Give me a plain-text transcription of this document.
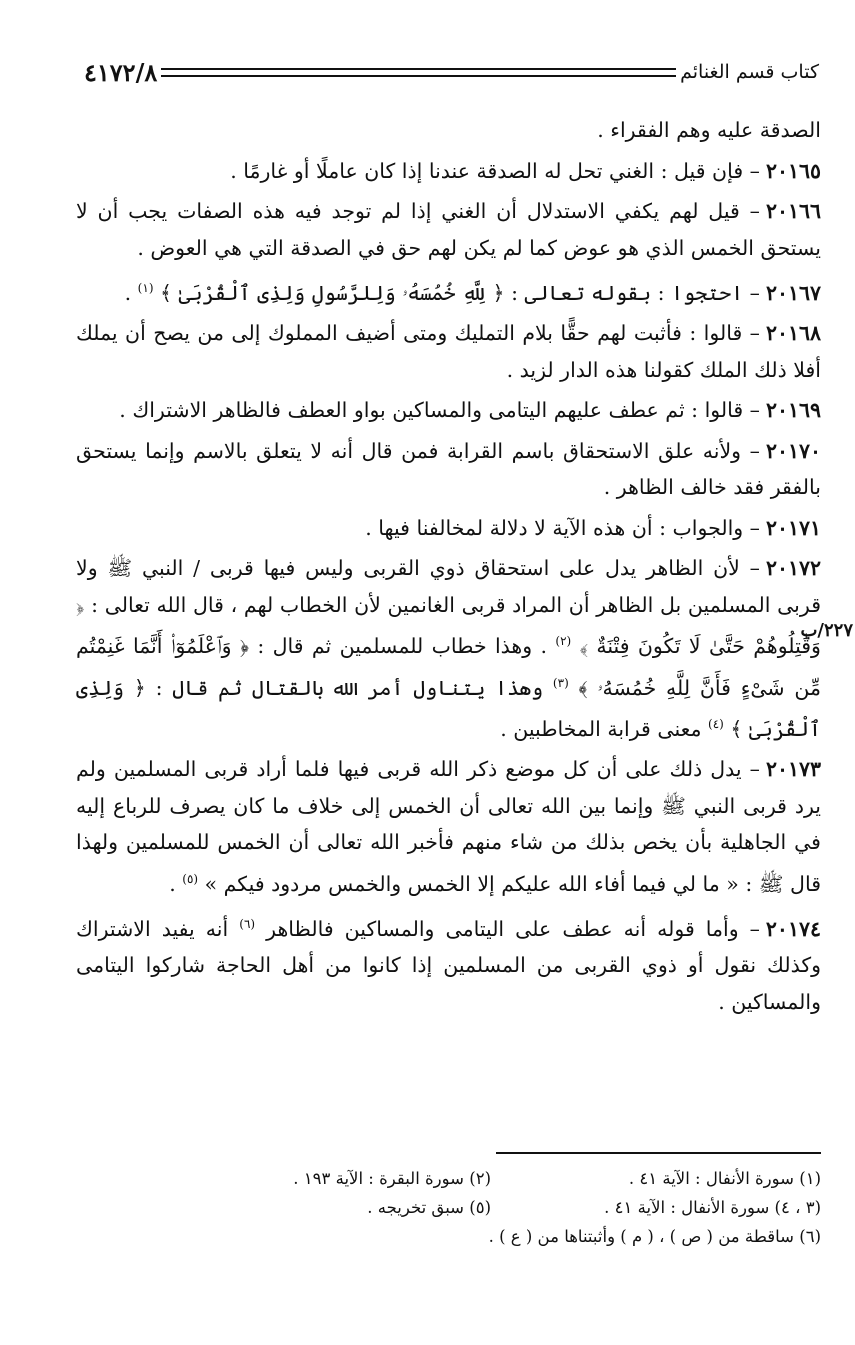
كتاب قسم الغنائم
٤١٧٢/٨
٢٢٧/ب

الصدقة عليه وهم الفقراء .

٢٠١٦٥– فإن قيل : الغني تحل له الصدقة عندنا إذا كان عاملًا أو غارمًا .

٢٠١٦٦– قيل لهم يكفي الاستدلال أن الغني إذا لم توجد فيه هذه الصفات يجب أن لا يستحق الخمس الذي هو عوض كما لم يكن لهم حق في الصدقة التي هي العوض .

٢٠١٦٧– احتجوا : بقوله تعالى : ﴿ لِلَّهِ خُمُسَهُۥ وَلِلرَّسُولِ وَلِذِى ٱلْقُرْبَىٰ ﴾ $^{(١)}$ .

٢٠١٦٨– قالوا : فأثبت لهم حقًّا بلام التمليك ومتى أضيف المملوك إلى من يصح أن يملك أفلا ذلك الملك كقولنا هذه الدار لزيد .

٢٠١٦٩– قالوا : ثم عطف عليهم اليتامى والمساكين بواو العطف فالظاهر الاشتراك .

٢٠١٧٠– ولأنه علق الاستحقاق باسم القرابة فمن قال أنه لا يتعلق بالاسم وإنما يستحق بالفقر فقد خالف الظاهر .

٢٠١٧١– والجواب : أن هذه الآية لا دلالة لمخالفنا فيها .

٢٠١٧٢– لأن الظاهر يدل على استحقاق ذوي القربى وليس فيها قربى / النبي ﷺ ولا قربى المسلمين بل الظاهر أن المراد قربى الغانمين لأن الخطاب لهم ، قال الله تعالى : ﴿ وَقَٰتِلُوهُمْ حَتَّىٰ لَا تَكُونَ فِتْنَةٌ ﴾ $^{(٢)}$ . وهذا خطاب للمسلمين ثم قال : ﴿ وَٱعْلَمُوٓا۟ أَنَّمَا غَنِمْتُم مِّن شَىْءٍ فَأَنَّ لِلَّهِ خُمُسَهُۥ ﴾ $^{(٣)}$ وهذا يتناول أمر الله بالقتال ثم قال : ﴿ وَلِذِى ٱلْقُرْبَىٰ ﴾ $^{(٤)}$ معنى قرابة المخاطبين .

٢٠١٧٣– يدل ذلك على أن كل موضع ذكر الله قربى فيها فلما أراد قربى المسلمين ولم يرد قربى النبي ﷺ وإنما بين الله تعالى أن الخمس إلى خلاف ما كان يصرف للرباع إليه في الجاهلية بأن يخص بذلك من شاء منهم فأخبر الله تعالى أن الخمس للمسلمين ولهذا قال ﷺ : « ما لي فيما أفاء الله عليكم إلا الخمس والخمس مردود فيكم » $^{(٥)}$ .

٢٠١٧٤– وأما قوله أنه عطف على اليتامى والمساكين فالظاهر $^{(٦)}$ أنه يفيد الاشتراك وكذلك نقول أو ذوي القربى من المسلمين إذا كانوا من أهل الحاجة شاركوا اليتامى والمساكين .

(١) سورة الأنفال : الآية ٤١ .
(٢) سورة البقرة : الآية ١٩٣ .
(٣ ، ٤) سورة الأنفال : الآية ٤١ .
(٥) سبق تخريجه .
(٦) ساقطة من ( ص ) ، ( م ) وأثبتناها من ( ع ) .
